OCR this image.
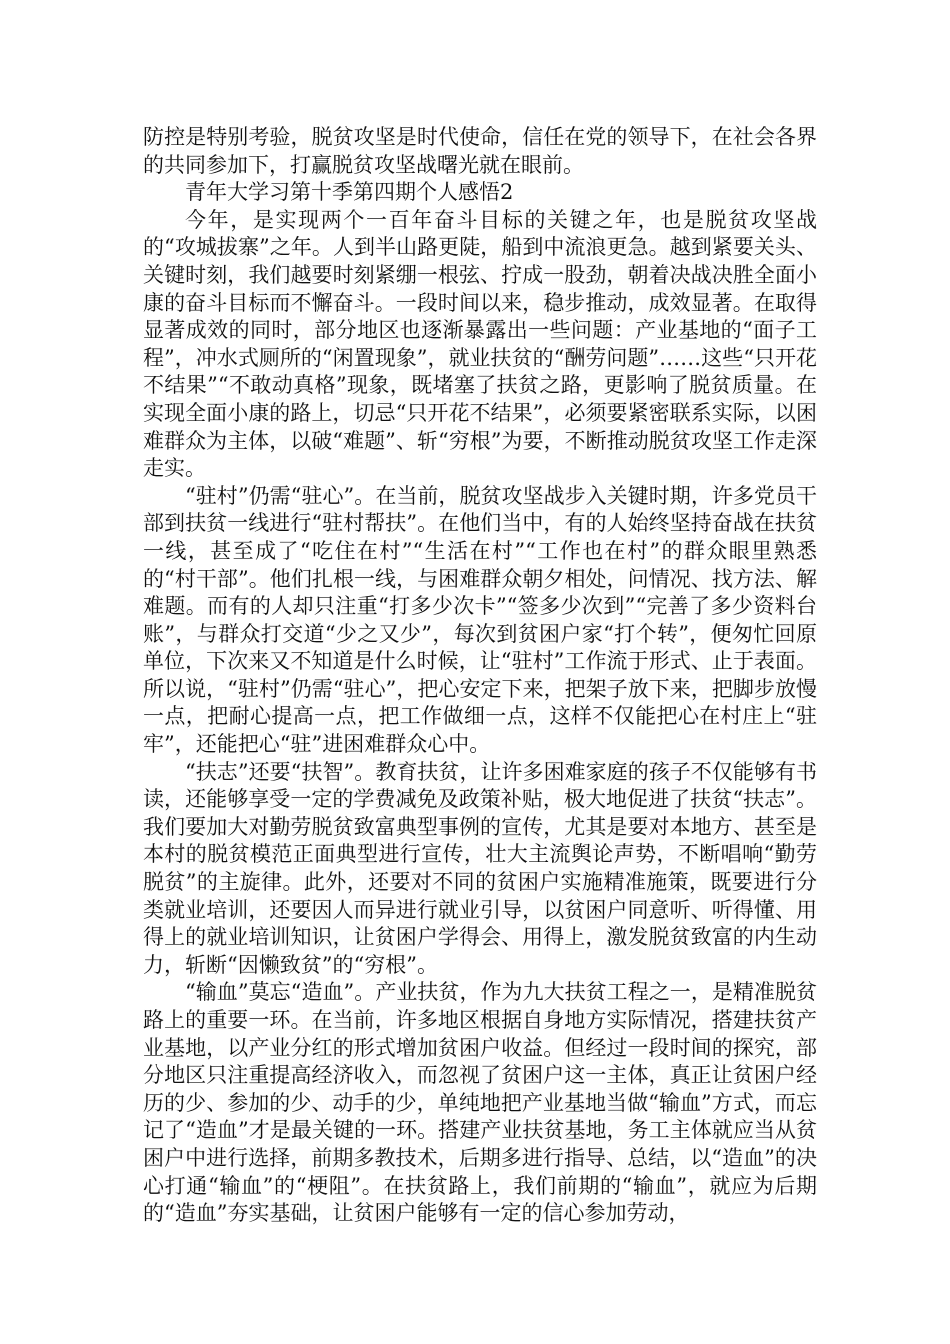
防控是特别考验，脱贫攻坚是时代使命，信任在党的领导下，在社会各界的共同参加下，打赢脱贫攻坚战曙光就在眼前。

青年大学习第十季第四期个人感悟2

今年，是实现两个一百年奋斗目标的关键之年，也是脱贫攻坚战的“攻城拔寨”之年。人到半山路更陡，船到中流浪更急。越到紧要关头、关键时刻，我们越要时刻紧绷一根弦、拧成一股劲，朝着决战决胜全面小康的奋斗目标而不懈奋斗。一段时间以来，稳步推动，成效显著。在取得显著成效的同时，部分地区也逐渐暴露出一些问题：产业基地的“面子工程”，冲水式厕所的“闲置现象”，就业扶贫的“酬劳问题”……这些“只开花不结果”“不敢动真格”现象，既堵塞了扶贫之路，更影响了脱贫质量。在实现全面小康的路上，切忌“只开花不结果”，必须要紧密联系实际，以困难群众为主体，以破“难题”、斩“穷根”为要，不断推动脱贫攻坚工作走深走实。

“驻村”仍需“驻心”。在当前，脱贫攻坚战步入关键时期，许多党员干部到扶贫一线进行“驻村帮扶”。在他们当中，有的人始终坚持奋战在扶贫一线，甚至成了“吃住在村”“生活在村”“工作也在村”的群众眼里熟悉的“村干部”。他们扎根一线，与困难群众朝夕相处，问情况、找方法、解难题。而有的人却只注重“打多少次卡”“签多少次到”“完善了多少资料台账”，与群众打交道“少之又少”，每次到贫困户家“打个转”，便匆忙回原单位，下次来又不知道是什么时候，让“驻村”工作流于形式、止于表面。所以说，“驻村”仍需“驻心”，把心安定下来，把架子放下来，把脚步放慢一点，把耐心提高一点，把工作做细一点，这样不仅能把心在村庄上“驻牢”，还能把心“驻”进困难群众心中。

“扶志”还要“扶智”。教育扶贫，让许多困难家庭的孩子不仅能够有书读，还能够享受一定的学费减免及政策补贴，极大地促进了扶贫“扶志”。我们要加大对勤劳脱贫致富典型事例的宣传，尤其是要对本地方、甚至是本村的脱贫模范正面典型进行宣传，壮大主流舆论声势，不断唱响“勤劳脱贫”的主旋律。此外，还要对不同的贫困户实施精准施策，既要进行分类就业培训，还要因人而异进行就业引导，以贫困户同意听、听得懂、用得上的就业培训知识，让贫困户学得会、用得上，激发脱贫致富的内生动力，斩断“因懒致贫”的“穷根”。

“输血”莫忘“造血”。产业扶贫，作为九大扶贫工程之一，是精准脱贫路上的重要一环。在当前，许多地区根据自身地方实际情况，搭建扶贫产业基地，以产业分红的形式增加贫困户收益。但经过一段时间的探究，部分地区只注重提高经济收入，而忽视了贫困户这一主体，真正让贫困户经历的少、参加的少、动手的少，单纯地把产业基地当做“输血”方式，而忘记了“造血”才是最关键的一环。搭建产业扶贫基地，务工主体就应当从贫困户中进行选择，前期多教技术，后期多进行指导、总结，以“造血”的决心打通“输血”的“梗阻”。在扶贫路上，我们前期的“输血”，就应为后期的“造血”夯实基础，让贫困户能够有一定的信心参加劳动，
